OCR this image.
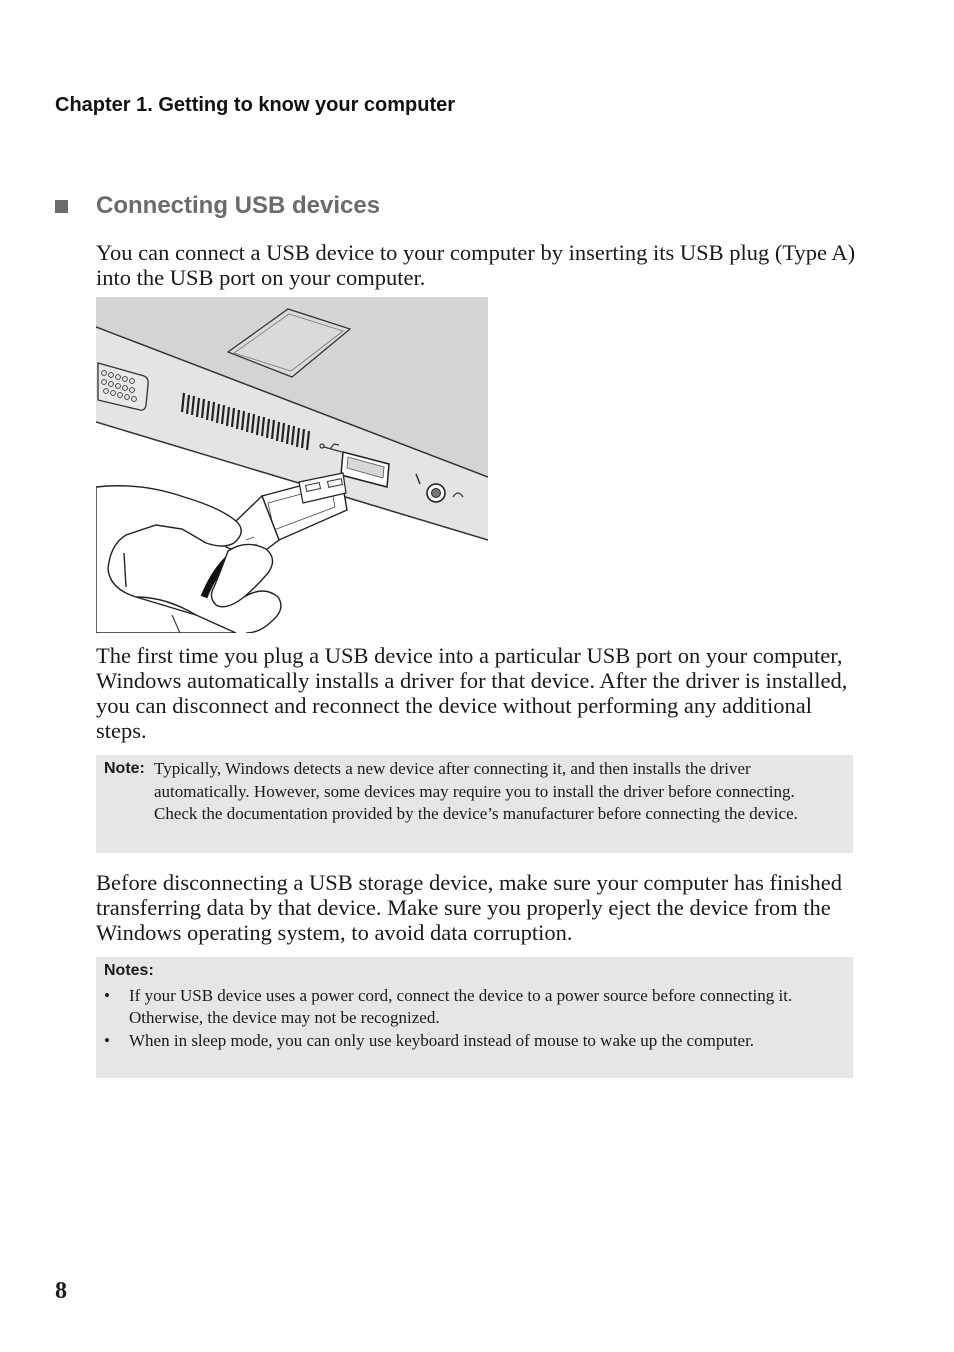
Chapter 1. Getting to know your computer
Connecting USB devices
You can connect a USB device to your computer by inserting its USB plug (Type A) into the USB port on your computer.
The first time you plug a USB device into a particular USB port on your computer, Windows automatically installs a driver for that device. After the driver is installed, you can disconnect and reconnect the device without performing any additional steps.
Note: Typically, Windows detects a new device after connecting it, and then installs the driver automatically. However, some devices may require you to install the driver before connecting. Check the documentation provided by the device’s manufacturer before connecting the device.
Before disconnecting a USB storage device, make sure your computer has finished transferring data by that device. Make sure you properly eject the device from the Windows operating system, to avoid data corruption.
Notes:
•	If your USB device uses a power cord, connect the device to a power source before connecting it. Otherwise, the device may not be recognized.
•	When in sleep mode, you can only use keyboard instead of mouse to wake up the computer.
8
